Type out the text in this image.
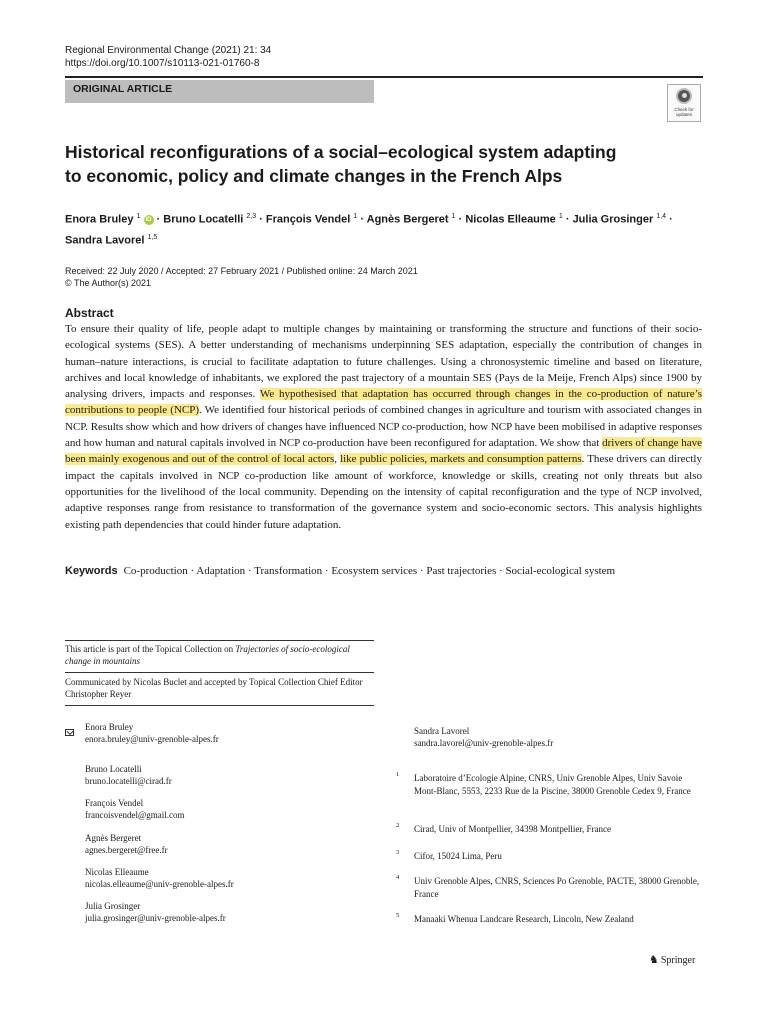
Regional Environmental Change (2021) 21: 34
https://doi.org/10.1007/s10113-021-01760-8
ORIGINAL ARTICLE
Check for updates
Historical reconfigurations of a social–ecological system adapting
to economic, policy and climate changes in the French Alps
Enora Bruley $^1$ iD · Bruno Locatelli $^{2,3}$ · François Vendel $^1$ · Agnès Bergeret $^1$ · Nicolas Elleaume $^1$ · Julia Grosinger $^{1,4}$ ·
Sandra Lavorel $^{1,5}$
Received: 22 July 2020 / Accepted: 27 February 2021 / Published online: 24 March 2021
© The Author(s) 2021
Abstract
To ensure their quality of life, people adapt to multiple changes by maintaining or transforming the structure and functions of their socio-ecological systems (SES). A better understanding of mechanisms underpinning SES adaptation, especially the contribution of changes in human–nature interactions, is crucial to facilitate adaptation to future challenges. Using a chronosystemic timeline and based on literature, archives and local knowledge of inhabitants, we explored the past trajectory of a mountain SES (Pays de la Meije, French Alps) since 1900 by analysing drivers, impacts and responses. We hypothesised that adaptation has occurred through changes in the co-production of nature’s contributions to people (NCP). We identified four historical periods of combined changes in agriculture and tourism with associated changes in NCP. Results show which and how drivers of changes have influenced NCP co-production, how NCP have been mobilised in adaptive responses and how human and natural capitals involved in NCP co-production have been reconfigured for adaptation. We show that drivers of change have been mainly exogenous and out of the control of local actors, like public policies, markets and consumption patterns. These drivers can directly impact the capitals involved in NCP co-production like amount of workforce, knowledge or skills, creating not only threats but also opportunities for the livelihood of the local community. Depending on the intensity of capital reconfiguration and the type of NCP involved, adaptive responses range from resistance to transformation of the governance system and socio-economic sectors. This analysis highlights existing path dependencies that could hinder future adaptation.
Keywords Co-production · Adaptation · Transformation · Ecosystem services · Past trajectories · Social-ecological system
This article is part of the Topical Collection on Trajectories of socio-ecological change in mountains
Communicated by Nicolas Buclet and accepted by Topical Collection Chief Editor Christopher Reyer
Enora Bruley
enora.bruley@univ-grenoble-alpes.fr
Bruno Locatelli
bruno.locatelli@cirad.fr
François Vendel
francoisvendel@gmail.com
Agnès Bergeret
agnes.bergeret@free.fr
Nicolas Elleaume
nicolas.elleaume@univ-grenoble-alpes.fr
Julia Grosinger
julia.grosinger@univ-grenoble-alpes.fr
Sandra Lavorel
sandra.lavorel@univ-grenoble-alpes.fr
1 Laboratoire d’Ecologie Alpine, CNRS, Univ Grenoble Alpes, Univ Savoie Mont-Blanc, 5553, 2233 Rue de la Piscine, 38000 Grenoble Cedex 9, France
2 Cirad, Univ of Montpellier, 34398 Montpellier, France
3 Cifor, 15024 Lima, Peru
4 Univ Grenoble Alpes, CNRS, Sciences Po Grenoble, PACTE, 38000 Grenoble, France
5 Manaaki Whenua Landcare Research, Lincoln, New Zealand
♞ Springer
